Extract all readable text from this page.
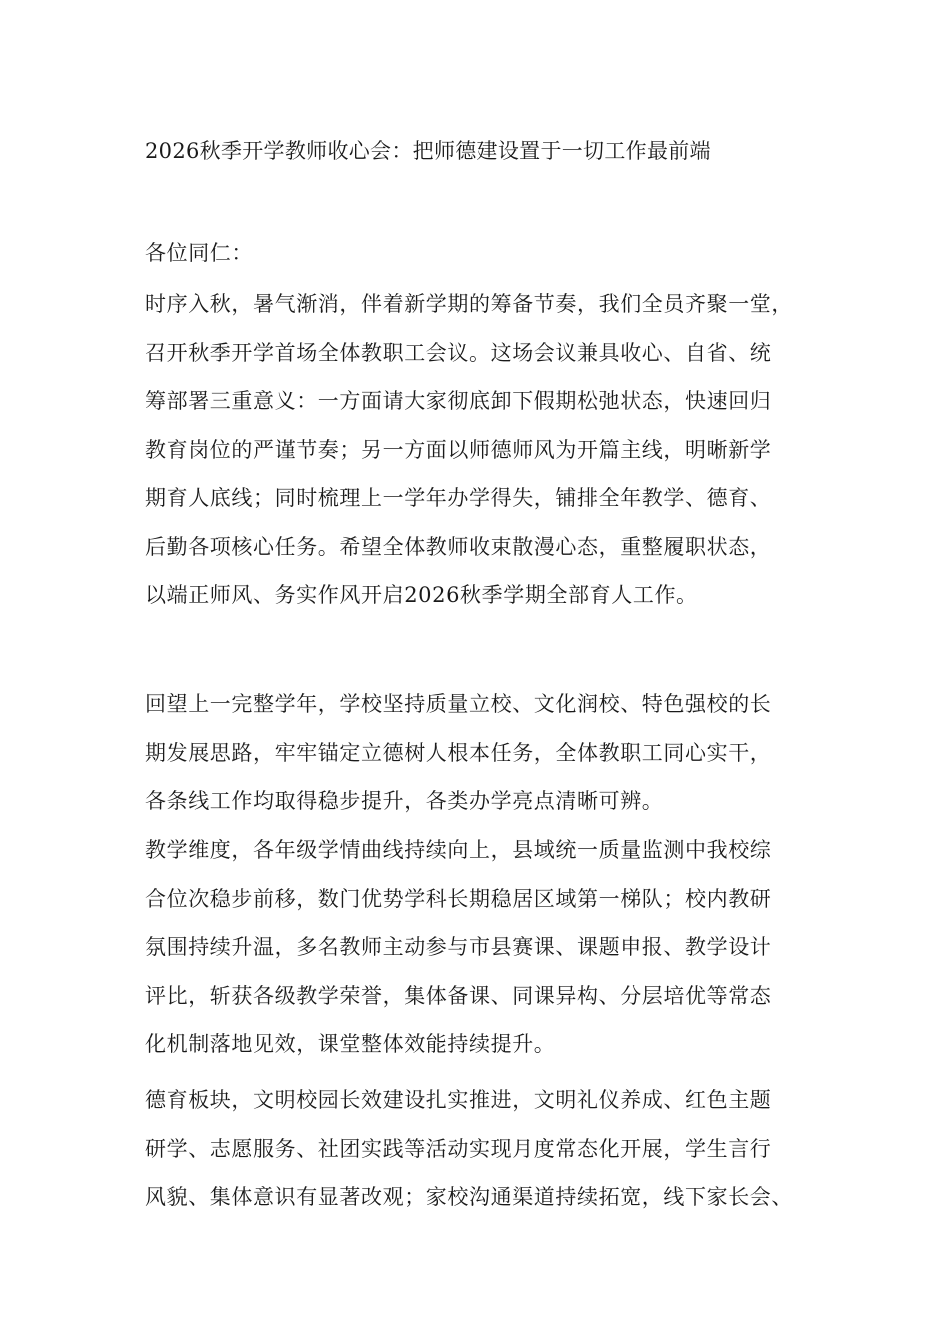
2026秋季开学教师收心会：把师德建设置于一切工作最前端
各位同仁：
时序入秋，暑气渐消，伴着新学期的筹备节奏，我们全员齐聚一堂，
召开秋季开学首场全体教职工会议。这场会议兼具收心、自省、统
筹部署三重意义：一方面请大家彻底卸下假期松弛状态，快速回归
教育岗位的严谨节奏；另一方面以师德师风为开篇主线，明晰新学
期育人底线；同时梳理上一学年办学得失，铺排全年教学、德育、
后勤各项核心任务。希望全体教师收束散漫心态，重整履职状态，
以端正师风、务实作风开启2026秋季学期全部育人工作。
回望上一完整学年，学校坚持质量立校、文化润校、特色强校的长
期发展思路，牢牢锚定立德树人根本任务，全体教职工同心实干，
各条线工作均取得稳步提升，各类办学亮点清晰可辨。
教学维度，各年级学情曲线持续向上，县域统一质量监测中我校综
合位次稳步前移，数门优势学科长期稳居区域第一梯队；校内教研
氛围持续升温，多名教师主动参与市县赛课、课题申报、教学设计
评比，斩获各级教学荣誉，集体备课、同课异构、分层培优等常态
化机制落地见效，课堂整体效能持续提升。
德育板块，文明校园长效建设扎实推进，文明礼仪养成、红色主题
研学、志愿服务、社团实践等活动实现月度常态化开展，学生言行
风貌、集体意识有显著改观；家校沟通渠道持续拓宽，线下家长会、
